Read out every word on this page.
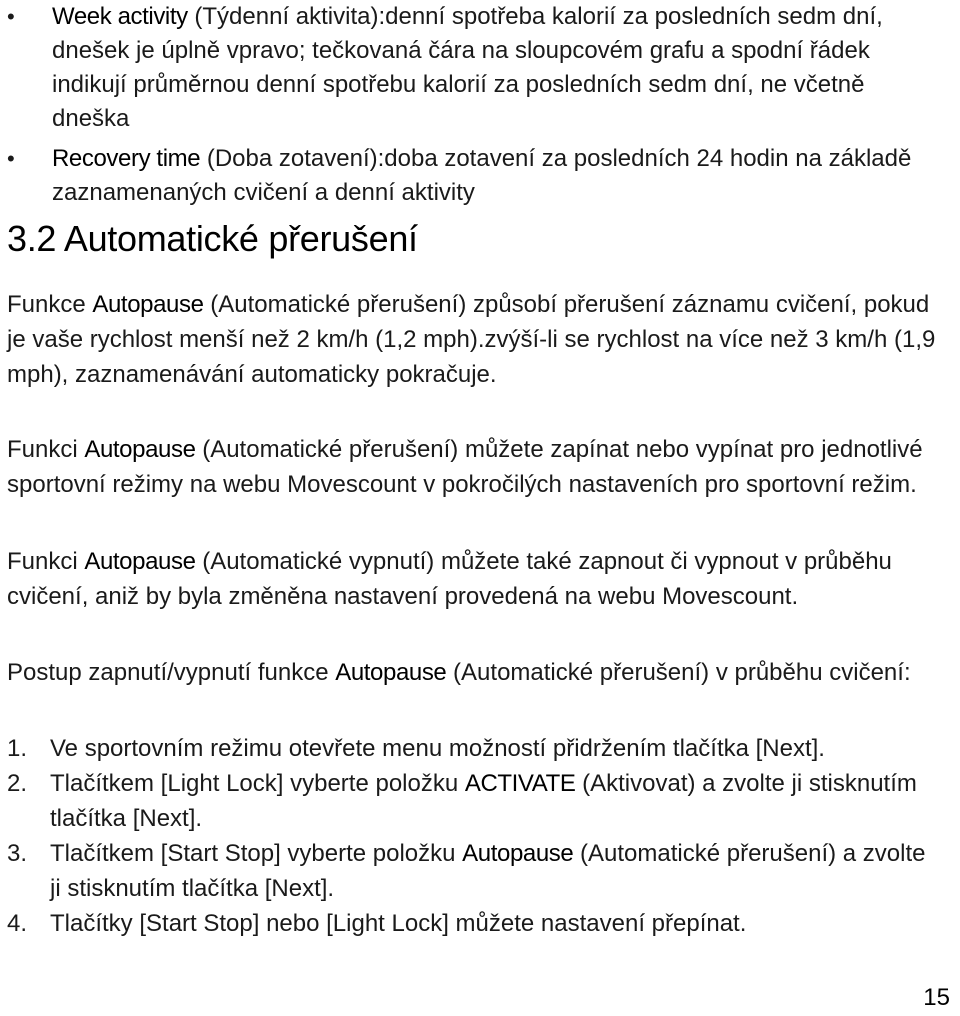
• Week activity (Týdenní aktivita):denní spotřeba kalorií za posledních sedm dní, dnešek je úplně vpravo; tečkovaná čára na sloupcovém grafu a spodní řádek indikují průměrnou denní spotřebu kalorií za posledních sedm dní, ne včetně dneška
• Recovery time (Doba zotavení):doba zotavení za posledních 24 hodin na základě zaznamenaných cvičení a denní aktivity
3.2 Automatické přerušení
Funkce Autopause (Automatické přerušení) způsobí přerušení záznamu cvičení, pokud je vaše rychlost menší než 2 km/h (1,2 mph).zvýší-li se rychlost na více než 3 km/h (1,9 mph), zaznamenávání automaticky pokračuje.
Funkci Autopause (Automatické přerušení) můžete zapínat nebo vypínat pro jednotlivé sportovní režimy na webu Movescount v pokročilých nastaveních pro sportovní režim.
Funkci Autopause (Automatické vypnutí) můžete také zapnout či vypnout v průběhu cvičení, aniž by byla změněna nastavení provedená na webu Movescount.
Postup zapnutí/vypnutí funkce Autopause (Automatické přerušení) v průběhu cvičení:
1. Ve sportovním režimu otevřete menu možností přidržením tlačítka [Next].
2. Tlačítkem [Light Lock] vyberte položku ACTIVATE (Aktivovat) a zvolte ji stisknutím tlačítka [Next].
3. Tlačítkem [Start Stop] vyberte položku Autopause (Automatické přerušení) a zvolte ji stisknutím tlačítka [Next].
4. Tlačítky [Start Stop] nebo [Light Lock] můžete nastavení přepínat.
15
